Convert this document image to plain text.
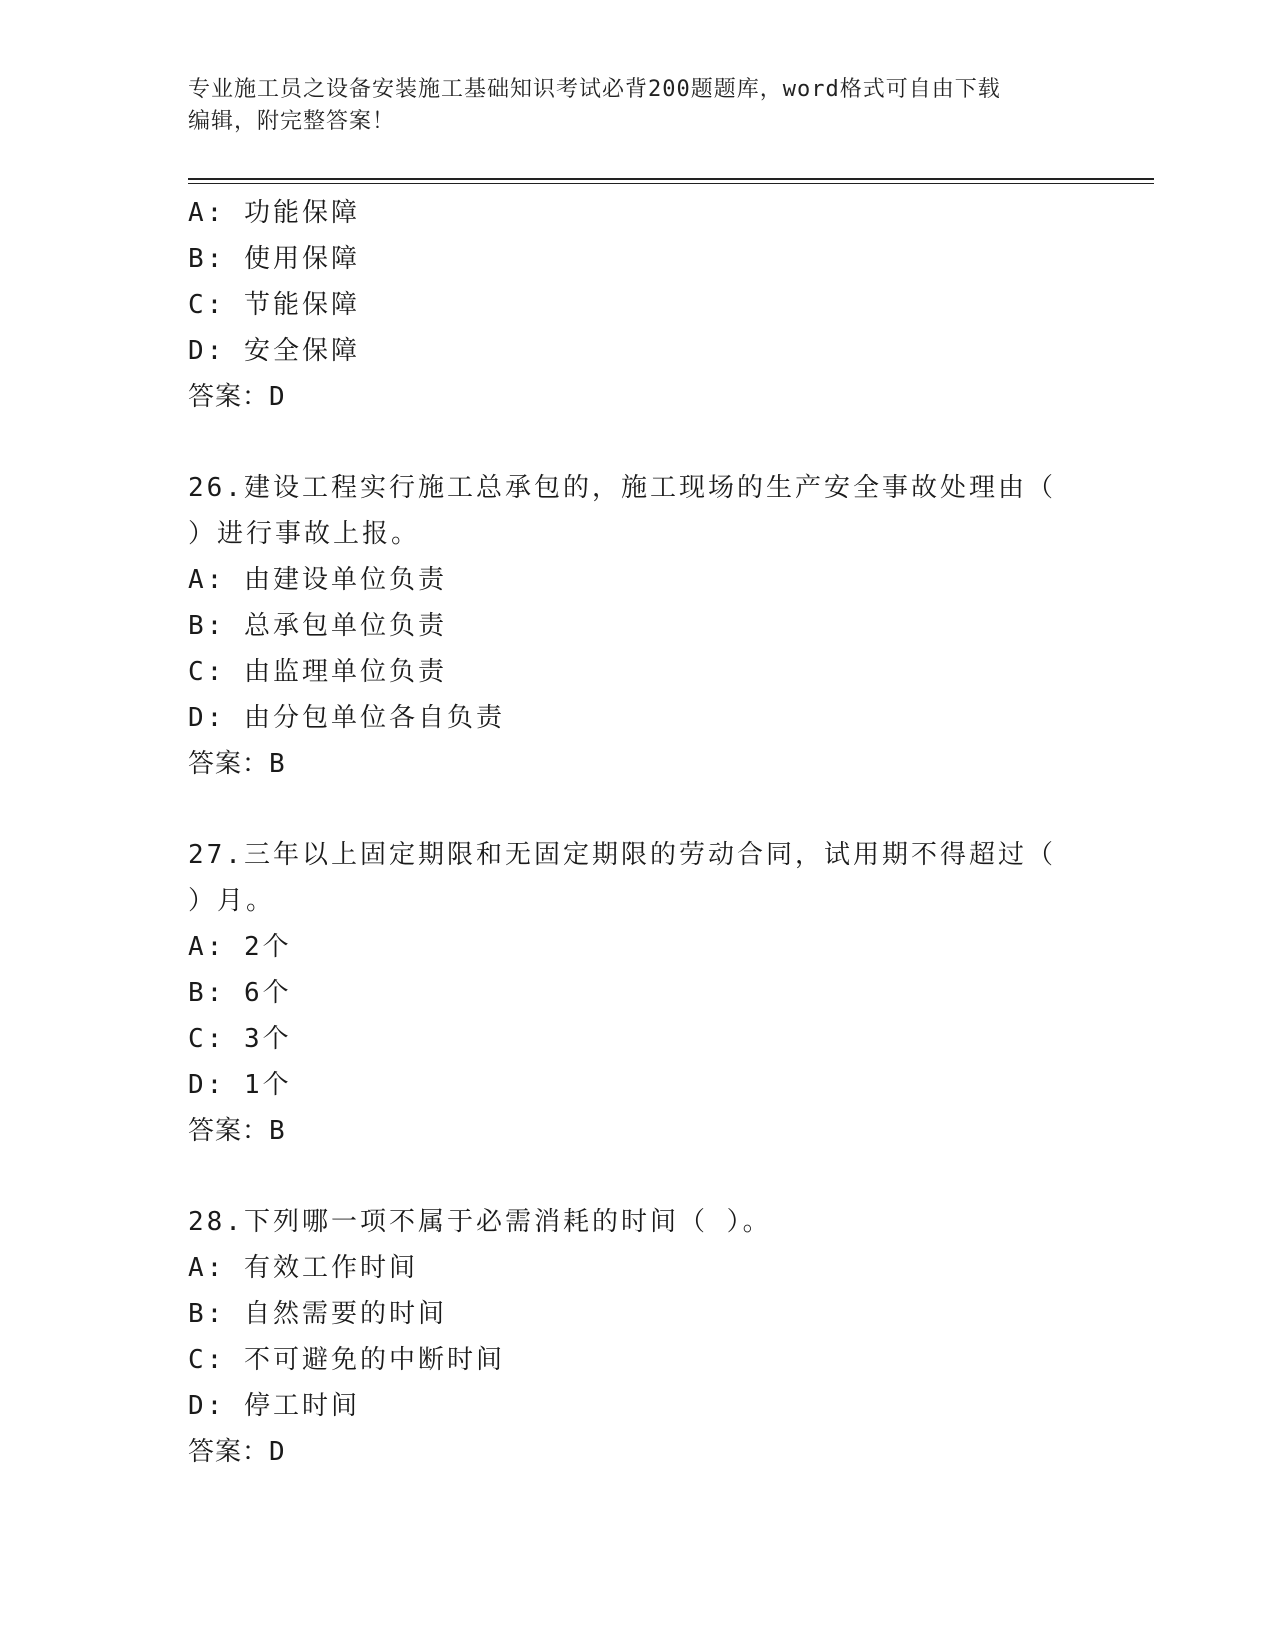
专业施工员之设备安装施工基础知识考试必背200题题库，word格式可自由下载
编辑，附完整答案！
A: 功能保障
B: 使用保障
C: 节能保障
D: 安全保障
答案：D
26.建设工程实行施工总承包的，施工现场的生产安全事故处理由（
）进行事故上报。
A: 由建设单位负责
B: 总承包单位负责
C: 由监理单位负责
D: 由分包单位各自负责
答案：B
27.三年以上固定期限和无固定期限的劳动合同，试用期不得超过（
）月。
A: 2个
B: 6个
C: 3个
D: 1个
答案：B
28.下列哪一项不属于必需消耗的时间（ ）。
A: 有效工作时间
B: 自然需要的时间
C: 不可避免的中断时间
D: 停工时间
答案：D
